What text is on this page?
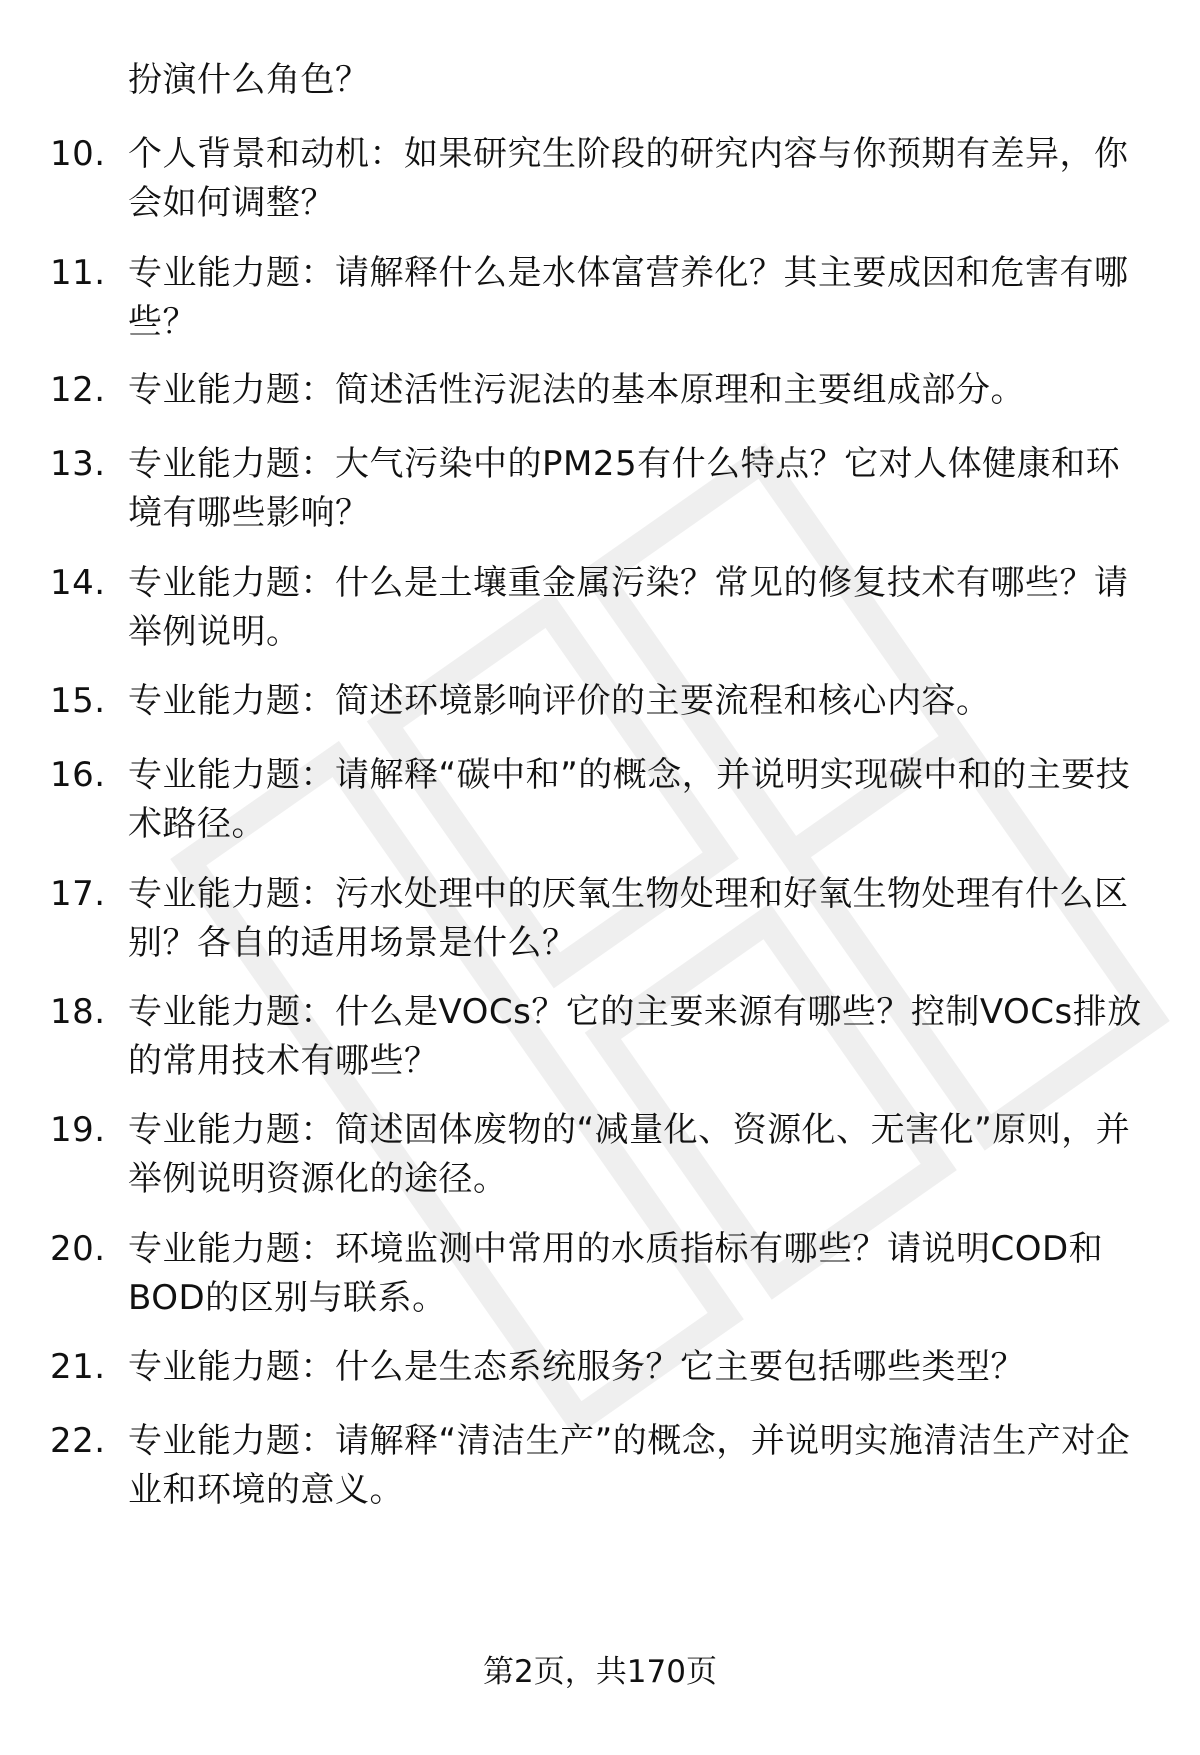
扮演什么角色？
10. 个人背景和动机：如果研究生阶段的研究内容与你预期有差异，你会如何调整？
11. 专业能力题：请解释什么是水体富营养化？其主要成因和危害有哪些？
12. 专业能力题：简述活性污泥法的基本原理和主要组成部分。
13. 专业能力题：大气污染中的PM25有什么特点？它对人体健康和环境有哪些影响？
14. 专业能力题：什么是土壤重金属污染？常见的修复技术有哪些？请举例说明。
15. 专业能力题：简述环境影响评价的主要流程和核心内容。
16. 专业能力题：请解释“碳中和”的概念，并说明实现碳中和的主要技术路径。
17. 专业能力题：污水处理中的厌氧生物处理和好氧生物处理有什么区别？各自的适用场景是什么？
18. 专业能力题：什么是VOCs？它的主要来源有哪些？控制VOCs排放的常用技术有哪些？
19. 专业能力题：简述固体废物的“减量化、资源化、无害化”原则，并举例说明资源化的途径。
20. 专业能力题：环境监测中常用的水质指标有哪些？请说明COD和BOD的区别与联系。
21. 专业能力题：什么是生态系统服务？它主要包括哪些类型？
22. 专业能力题：请解释“清洁生产”的概念，并说明实施清洁生产对企业和环境的意义。
第2页，共170页
